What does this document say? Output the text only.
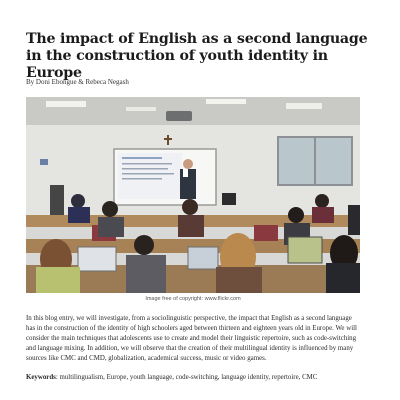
The impact of English as a second language in the construction of youth identity in Europe
By Doni Ebongue & Rebeca Negash
Image free of copyright: www.flickr.com

In this blog entry, we will investigate, from a sociolinguistic perspective, the impact that English as a second language has in the construction of the identity of high schoolers aged between thirteen and eighteen years old in Europe. We will consider the main techniques that adolescents use to create and model their linguistic repertoire, such as code-switching and language mixing. In addition, we will observe that the creation of their multilingual identity is influenced by many sources like CMC and CMD, globalization, academical success, music or video games.

Keywords: multilingualism, Europe, youth language, code-switching, language identity, repertoire, CMC
